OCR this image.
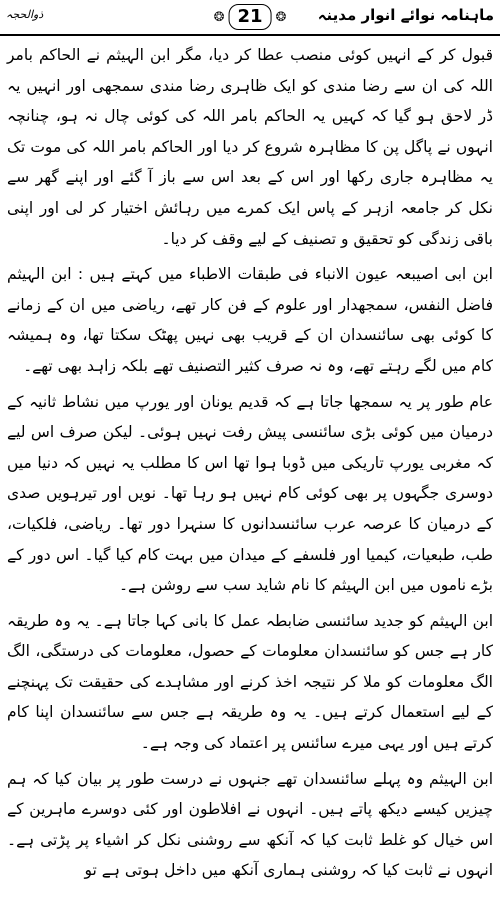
ذوالحجہ	❂ 21	❂ ماہنامہ نوائے انوار مدینہ

قبول کر کے انہیں کوئی منصب عطا کر دیا، مگر ابن الہیثم نے الحاکم بامر اللہ کی ان سے رضا مندی کو ایک ظاہری رضا مندی سمجھی اور انہیں یہ ڈر لاحق ہو گیا کہ کہیں یہ الحاکم بامر اللہ کی کوئی چال نہ ہو، چنانچہ انہوں نے پاگل پن کا مظاہرہ شروع کر دیا اور الحاکم بامر اللہ کی موت تک یہ مظاہرہ جاری رکھا اور اس کے بعد اس سے باز آ گئے اور اپنے گھر سے نکل کر جامعہ ازہر کے پاس ایک کمرے میں رہائش اختیار کر لی اور اپنی باقی زندگی کو تحقیق و تصنیف کے لیے وقف کر دیا۔

ابن ابی اصیبعہ عیون الانباء فی طبقات الاطباء میں کہتے ہیں : ابن الہیثم فاضل النفس، سمجھدار اور علوم کے فن کار تھے، ریاضی میں ان کے زمانے کا کوئی بھی سائنسدان ان کے قریب بھی نہیں پھٹک سکتا تھا، وہ ہمیشہ کام میں لگے رہتے تھے، وہ نہ صرف کثیر التصنیف تھے بلکہ زاہد بھی تھے۔

عام طور پر یہ سمجھا جاتا ہے کہ قدیم یونان اور یورپ میں نشاط ثانیہ کے درمیان میں کوئی بڑی سائنسی پیش رفت نہیں ہوئی۔ لیکن صرف اس لیے کہ مغربی یورپ تاریکی میں ڈوبا ہوا تھا اس کا مطلب یہ نہیں کہ دنیا میں دوسری جگہوں پر بھی کوئی کام نہیں ہو رہا تھا۔ نویں اور تیرہویں صدی کے درمیان کا عرصہ عرب سائنسدانوں کا سنہرا دور تھا۔ ریاضی، فلکیات، طب، طبعیات، کیمیا اور فلسفے کے میدان میں بہت کام کیا گیا۔ اس دور کے بڑے ناموں میں ابن الہیثم کا نام شاید سب سے روشن ہے۔

ابن الہیثم کو جدید سائنسی ضابطہ عمل کا بانی کہا جاتا ہے۔ یہ وہ طریقہ کار ہے جس کو سائنسدان معلومات کے حصول، معلومات کی درستگی، الگ الگ معلومات کو ملا کر نتیجہ اخذ کرنے اور مشاہدے کی حقیقت تک پہنچنے کے لیے استعمال کرتے ہیں۔ یہ وہ طریقہ ہے جس سے سائنسدان اپنا کام کرتے ہیں اور یہی میرے سائنس پر اعتماد کی وجہ ہے۔

ابن الہیثم وہ پہلے سائنسدان تھے جنہوں نے درست طور پر بیان کیا کہ ہم چیزیں کیسے دیکھ پاتے ہیں۔ انہوں نے افلاطون اور کئی دوسرے ماہرین کے اس خیال کو غلط ثابت کیا کہ آنکھ سے روشنی نکل کر اشیاء پر پڑتی ہے۔ انہوں نے ثابت کیا کہ روشنی ہماری آنکھ میں داخل ہوتی ہے تو
